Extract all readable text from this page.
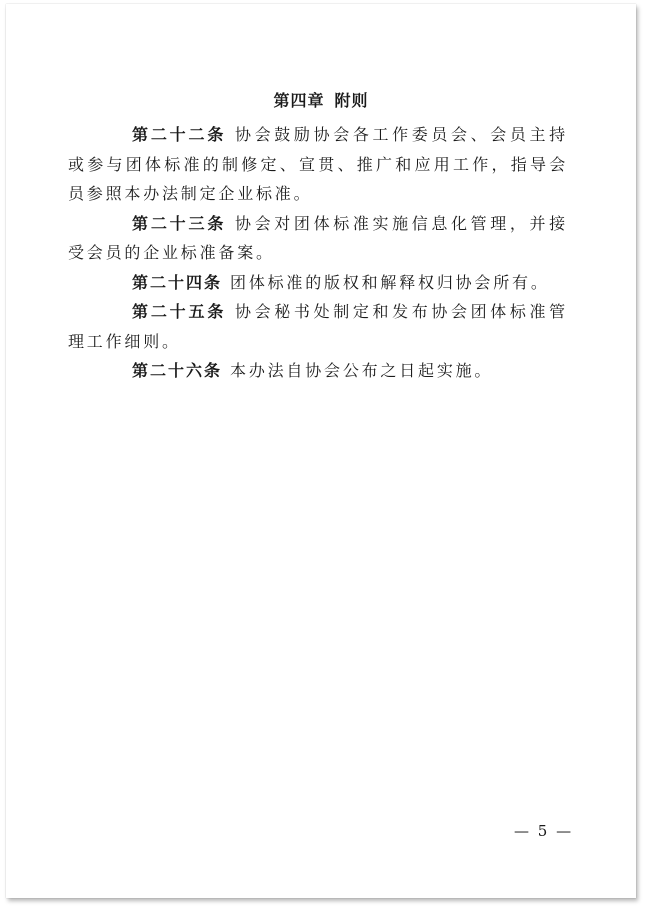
第四章 附则

第二十二条 协会鼓励协会各工作委员会、会员主持或参与团体标准的制修定、宣贯、推广和应用工作，指导会员参照本办法制定企业标准。

第二十三条 协会对团体标准实施信息化管理，并接受会员的企业标准备案。

第二十四条 团体标准的版权和解释权归协会所有。

第二十五条 协会秘书处制定和发布协会团体标准管理工作细则。

第二十六条 本办法自协会公布之日起实施。

— 5 —
